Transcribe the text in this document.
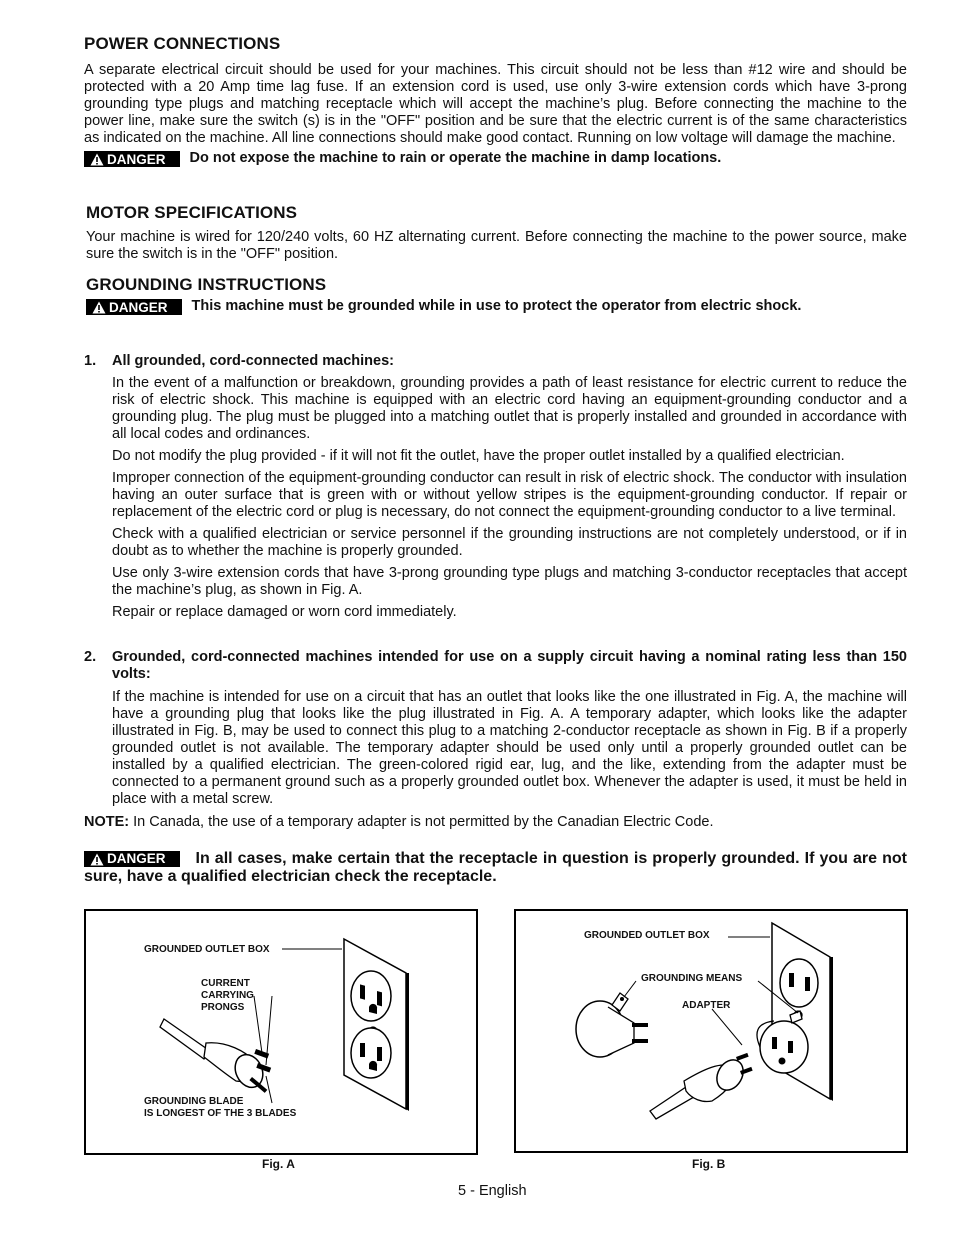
POWER CONNECTIONS

A separate electrical circuit should be used for your machines. This circuit should not be less than #12 wire and should be protected with a 20 Amp time lag fuse. If an extension cord is used, use only 3-wire extension cords which have 3-prong grounding type plugs and matching receptacle which will accept the machine’s plug. Before connecting the machine to the power line, make sure the switch (s) is in the "OFF" position and be sure that the electric current is of the same characteristics as indicated on the machine. All line connections should make good contact. Running on low voltage will damage the machine.

DANGER Do not expose the machine to rain or operate the machine in damp locations.
MOTOR SPECIFICATIONS

Your machine is wired for 120/240 volts, 60 HZ alternating current. Before connecting the machine to the power source, make sure the switch is in the "OFF" position.

GROUNDING INSTRUCTIONS
DANGER This machine must be grounded while in use to protect the operator from electric shock.
1.	All grounded, cord-connected machines:

In the event of a malfunction or breakdown, grounding provides a path of least resistance for electric current to reduce the risk of electric shock. This machine is equipped with an electric cord having an equipment-grounding conductor and a grounding plug. The plug must be plugged into a matching outlet that is properly installed and grounded in accordance with all local codes and ordinances.

Do not modify the plug provided - if it will not fit the outlet, have the proper outlet installed by a qualified electrician.

Improper connection of the equipment-grounding conductor can result in risk of electric shock. The conductor with insulation having an outer surface that is green with or without yellow stripes is the equipment-grounding conductor. If repair or replacement of the electric cord or plug is necessary, do not connect the equipment-grounding conductor to a live terminal.

Check with a qualified electrician or service personnel if the grounding instructions are not completely understood, or if in doubt as to whether the machine is properly grounded.

Use only 3-wire extension cords that have 3-prong grounding type plugs and matching 3-conductor receptacles that accept the machine’s plug, as shown in Fig. A.

Repair or replace damaged or worn cord immediately.

2.	Grounded, cord-connected machines intended for use on a supply circuit having a nominal rating less than 150 volts:

If the machine is intended for use on a circuit that has an outlet that looks like the one illustrated in Fig. A, the machine will have a grounding plug that looks like the plug illustrated in Fig. A. A temporary adapter, which looks like the adapter illustrated in Fig. B, may be used to connect this plug to a matching 2-conductor receptacle as shown in Fig. B if a properly grounded outlet is not available. The temporary adapter should be used only until a properly grounded outlet can be installed by a qualified electrician. The green-colored rigid ear, lug, and the like, extending from the adapter must be connected to a permanent ground such as a properly grounded outlet box. Whenever the adapter is used, it must be held in place with a metal screw.

NOTE: In Canada, the use of a temporary adapter is not permitted by the Canadian Electric Code.

DANGER In all cases, make certain that the receptacle in question is properly grounded. If you are not sure, have a qualified electrician check the receptacle.

GROUNDED OUTLET BOX
CURRENT
CARRYING
PRONGS
GROUNDING BLADE
IS LONGEST OF THE 3 BLADES
Fig. A
GROUNDED OUTLET BOX
GROUNDING MEANS
ADAPTER
Fig. B
5 - English
